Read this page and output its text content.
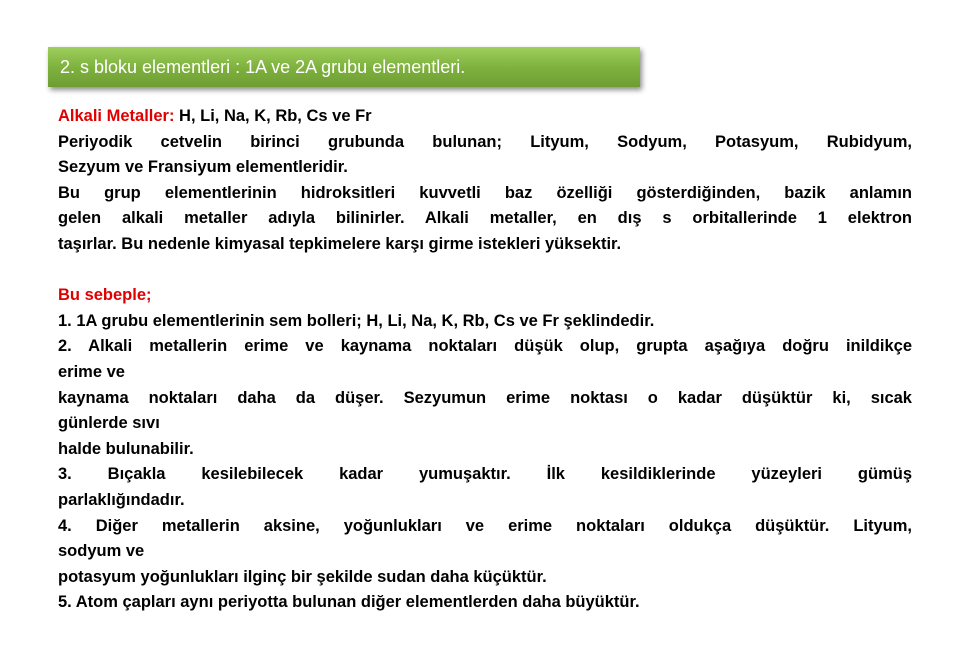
2. s bloku elementleri : 1A ve 2A grubu elementleri.
Alkali Metaller: H, Li, Na, K, Rb, Cs ve Fr
Periyodik cetvelin birinci grubunda bulunan; Lityum, Sodyum, Potasyum, Rubidyum,
Sezyum ve Fransiyum elementleridir.
Bu grup elementlerinin hidroksitleri kuvvetli baz özelliği gösterdiğinden, bazik anlamın
gelen alkali metaller adıyla bilinirler. Alkali metaller, en dış s orbitallerinde 1 elektron
taşırlar. Bu nedenle kimyasal tepkimelere karşı girme istekleri yüksektir.
Bu sebeple;
1. 1A grubu elementlerinin sem bolleri; H, Li, Na, K, Rb, Cs ve Fr şeklindedir.
2. Alkali metallerin erime ve kaynama noktaları düşük olup, grupta aşağıya doğru inildikçe
erime ve
kaynama noktaları daha da düşer. Sezyumun erime noktası o kadar düşüktür ki, sıcak
günlerde sıvı
halde bulunabilir.
3. Bıçakla kesilebilecek kadar yumuşaktır. İlk kesildiklerinde yüzeyleri gümüş
parlaklığındadır.
4. Diğer metallerin aksine, yoğunlukları ve erime noktaları oldukça düşüktür. Lityum,
sodyum ve
potasyum yoğunlukları ilginç bir şekilde sudan daha küçüktür.
5. Atom çapları aynı periyotta bulunan diğer elementlerden daha büyüktür.
